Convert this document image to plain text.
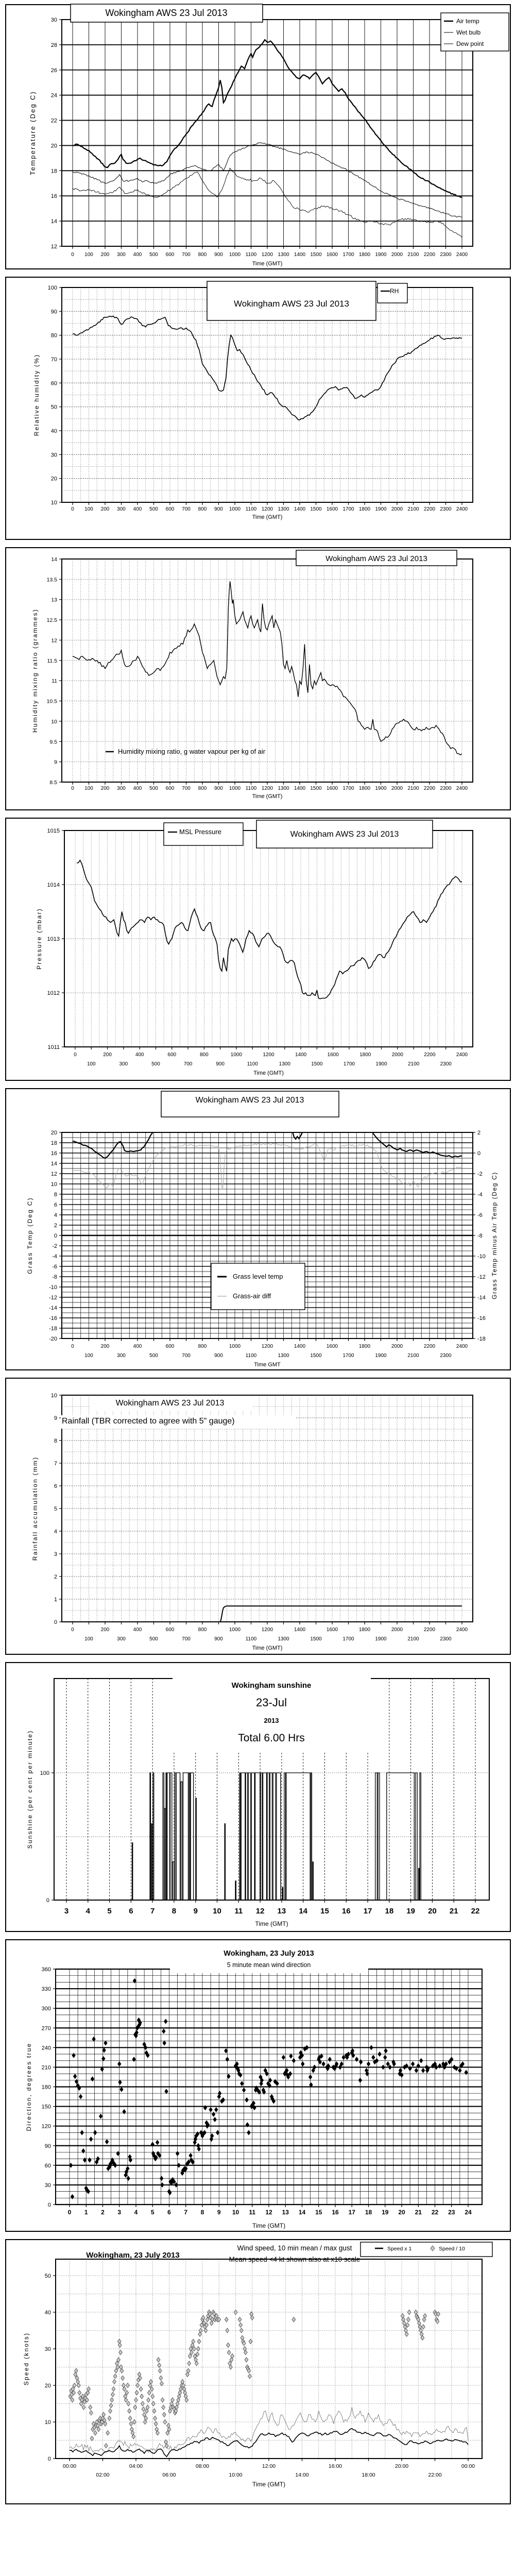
12
14
16
18
20
22
24
26
28
30
0 100 200 300 400 500 600 700 800 900 1000 1100 1200 1300 1400 1500 1600 1700 1800 1900 2000 2100 2200 2300 2400
Time (GMT)
Temperature (Deg C)
Wokingham AWS 23 Jul 2013
Air temp
Wet bulb
Dew point
10
20
30
40
50
60
70
80
90
100
0 100 200 300 400 500 600 700 800 900 1000 1100 1200 1300 1400 1500 1600 1700 1800 1900 2000 2100 2200 2300 2400
Time (GMT)
Relative humidity (%)
Wokingham AWS 23 Jul 2013
RH
8.5
9
9.5
10
10.5
11
11.5
12
12.5
13
13.5
14
0 100 200 300 400 500 600 700 800 900 1000 1100 1200 1300 1400 1500 1600 1700 1800 1900 2000 2100 2200 2300 2400
Time (GMT)
Humidity mixing ratio (grammes)
Wokingham AWS 23 Jul 2013
Humidity mixing ratio, g water vapour per kg of air
1011
1012
1013
1014
1015
0
100
200
300
400
500
600
700
800
900
1000
1100
1200
1300
1400
1500
1600
1700
1800
1900
2000
2100
2200
2300
2400
Time (GMT)
Pressure (mbar)
Wokingham AWS 23 Jul 2013
MSL Pressure
-20
-18
-16
-14
-12
-10
-8
-6
-4
-2
0
2
4
6
8
10
12
14
16
18
20
-18
-16
-14
-12
-10
-8
-6
-4
-2
0
2
0
100
200
300
400
500
600
700
800
900
1000
1100
1200
1300
1400
1500
1600
1700
1800
1900
2000
2100
2200
2300
2400
Time GMT
Grass Temp (Deg C)	Grass Temp minus Air Temp (Deg C)
Wokingham AWS 23 Jul 2013
Grass level temp
Grass-air diff
0
1
2
3
4
5
6
7
8
9
10
0
100
200
300
400
500
600
700
800
900
1000
1100
1200
1300
1400
1500
1600
1700
1800
1900
2000
2100
2200
2300
2400
Time (GMT)
Rainfall accumulation (mm)
Wokingham AWS 23 Jul 2013
Rainfall (TBR corrected to agree with 5" gauge)
0
100
3 4 5 6 7 8 9 10 11 12 13 14 15 16 17 18 19 20 21 22
Time (GMT)
Sunshine (per cent per minute)
Wokingham sunshine
23-Jul
2013
Total 6.00 Hrs
0
30
60
90
120
150
180
210
240
270
300
330
360
0 1 2 3 4 5 6 7 8 9 10 11 12 13 14 15 16 17 18 19 20 21 22 23 24
Time (GMT)
Direction, degrees true
Wokingham, 23 July 2013
5 minute mean wind direction
0
10
20
30
40
50
00:00
02:00
04:00
06:00
08:00
10:00
12:00
14:00
16:00
18:00
20:00
22:00
00:00
Time (GMT)
Speed (knots)
Wokingham, 23 July 2013
Wind speed, 10 min mean / max gust
Mean speed <4 kt shown also at x10 scale
Speed x 1	Speed / 10
